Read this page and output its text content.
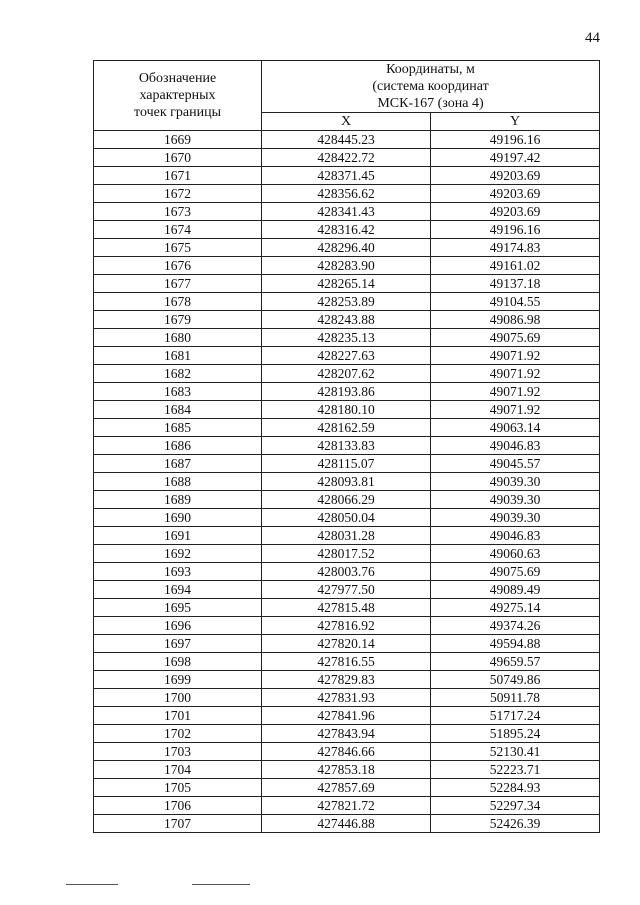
44
Обозначение
характерных
точек границы	Координаты, м
(система координат
МСК-167 (зона 4)	

	X	Y
1669	428445.23	49196.16
1670	428422.72	49197.42
1671	428371.45	49203.69
1672	428356.62	49203.69
1673	428341.43	49203.69
1674	428316.42	49196.16
1675	428296.40	49174.83
1676	428283.90	49161.02
1677	428265.14	49137.18
1678	428253.89	49104.55
1679	428243.88	49086.98
1680	428235.13	49075.69
1681	428227.63	49071.92
1682	428207.62	49071.92
1683	428193.86	49071.92
1684	428180.10	49071.92
1685	428162.59	49063.14
1686	428133.83	49046.83
1687	428115.07	49045.57
1688	428093.81	49039.30
1689	428066.29	49039.30
1690	428050.04	49039.30
1691	428031.28	49046.83
1692	428017.52	49060.63
1693	428003.76	49075.69
1694	427977.50	49089.49
1695	427815.48	49275.14
1696	427816.92	49374.26
1697	427820.14	49594.88
1698	427816.55	49659.57
1699	427829.83	50749.86
1700	427831.93	50911.78
1701	427841.96	51717.24
1702	427843.94	51895.24
1703	427846.66	52130.41
1704	427853.18	52223.71
1705	427857.69	52284.93
1706	427821.72	52297.34
1707	427446.88	52426.39
